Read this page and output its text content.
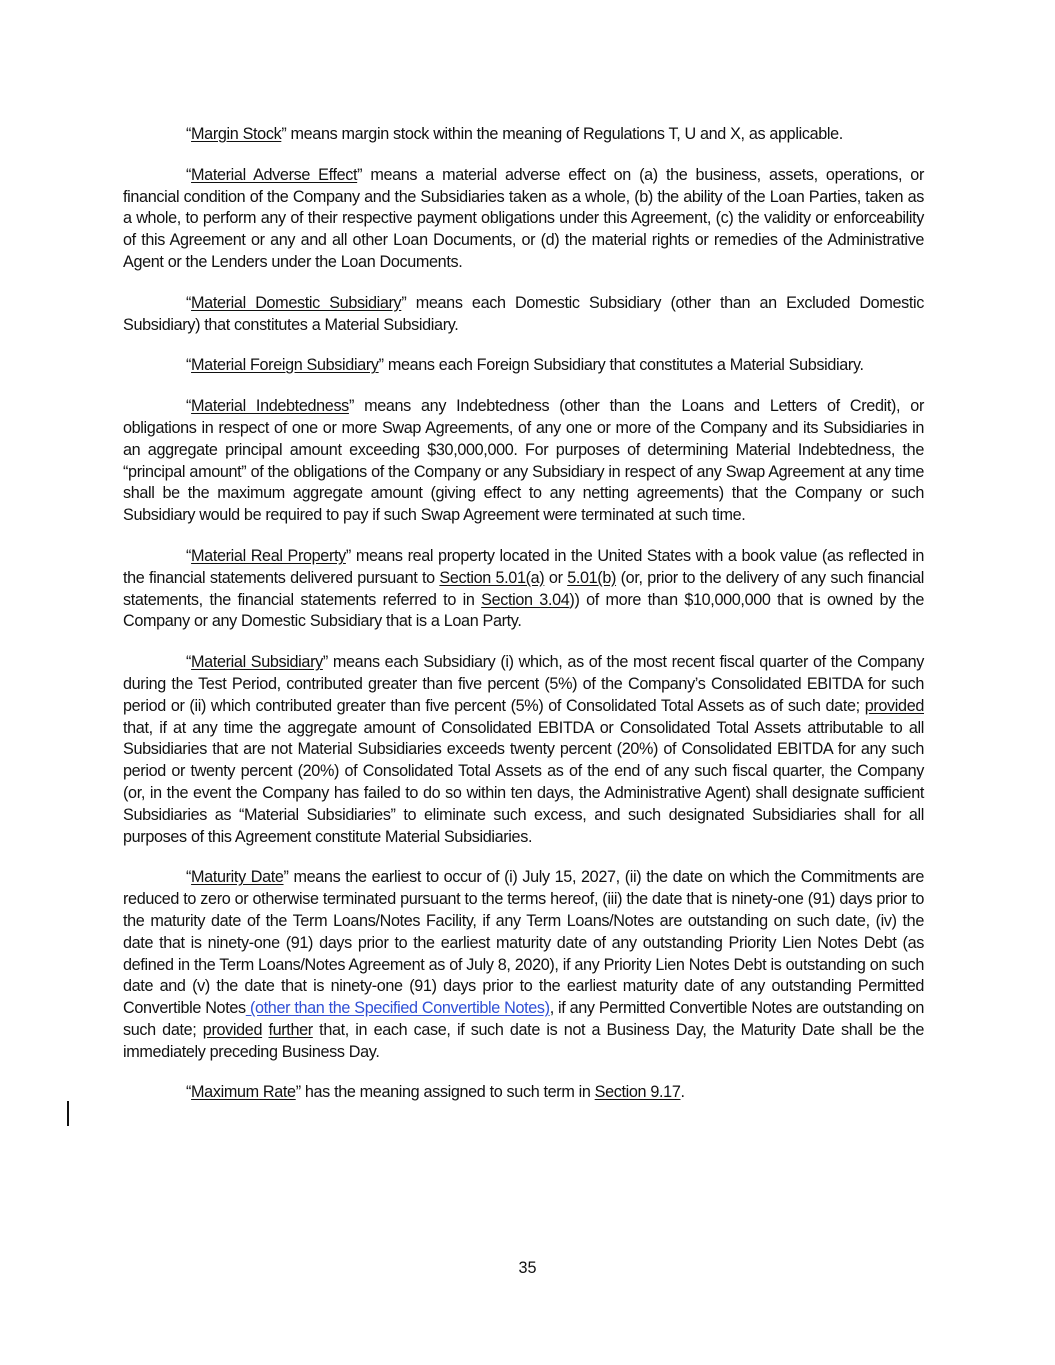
“Margin Stock” means margin stock within the meaning of Regulations T, U and X, as applicable.

“Material Adverse Effect” means a material adverse effect on (a) the business, assets, operations, or financial condition of the Company and the Subsidiaries taken as a whole, (b) the ability of the Loan Parties, taken as a whole, to perform any of their respective payment obligations under this Agreement, (c) the validity or enforceability of this Agreement or any and all other Loan Documents, or (d) the material rights or remedies of the Administrative Agent or the Lenders under the Loan Documents.

“Material Domestic Subsidiary” means each Domestic Subsidiary (other than an Excluded Domestic Subsidiary) that constitutes a Material Subsidiary.

“Material Foreign Subsidiary” means each Foreign Subsidiary that constitutes a Material Subsidiary.

“Material Indebtedness” means any Indebtedness (other than the Loans and Letters of Credit), or obligations in respect of one or more Swap Agreements, of any one or more of the Company and its Subsidiaries in an aggregate principal amount exceeding $30,000,000. For purposes of determining Material Indebtedness, the “principal amount” of the obligations of the Company or any Subsidiary in respect of any Swap Agreement at any time shall be the maximum aggregate amount (giving effect to any netting agreements) that the Company or such Subsidiary would be required to pay if such Swap Agreement were terminated at such time.

“Material Real Property” means real property located in the United States with a book value (as reflected in the financial statements delivered pursuant to Section 5.01(a) or 5.01(b) (or, prior to the delivery of any such financial statements, the financial statements referred to in Section 3.04)) of more than $10,000,000 that is owned by the Company or any Domestic Subsidiary that is a Loan Party.

“Material Subsidiary” means each Subsidiary (i) which, as of the most recent fiscal quarter of the Company during the Test Period, contributed greater than five percent (5%) of the Company’s Consolidated EBITDA for such period or (ii) which contributed greater than five percent (5%) of Consolidated Total Assets as of such date; provided that, if at any time the aggregate amount of Consolidated EBITDA or Consolidated Total Assets attributable to all Subsidiaries that are not Material Subsidiaries exceeds twenty percent (20%) of Consolidated EBITDA for any such period or twenty percent (20%) of Consolidated Total Assets as of the end of any such fiscal quarter, the Company (or, in the event the Company has failed to do so within ten days, the Administrative Agent) shall designate sufficient Subsidiaries as “Material Subsidiaries” to eliminate such excess, and such designated Subsidiaries shall for all purposes of this Agreement constitute Material Subsidiaries.

“Maturity Date” means the earliest to occur of (i) July 15, 2027, (ii) the date on which the Commitments are reduced to zero or otherwise terminated pursuant to the terms hereof, (iii) the date that is ninety-one (91) days prior to the maturity date of the Term Loans/Notes Facility, if any Term Loans/Notes are outstanding on such date, (iv) the date that is ninety-one (91) days prior to the earliest maturity date of any outstanding Priority Lien Notes Debt (as defined in the Term Loans/Notes Agreement as of July 8, 2020), if any Priority Lien Notes Debt is outstanding on such date and (v) the date that is ninety-one (91) days prior to the earliest maturity date of any outstanding Permitted Convertible Notes (other than the Specified Convertible Notes), if any Permitted Convertible Notes are outstanding on such date; provided further that, in each case, if such date is not a Business Day, the Maturity Date shall be the immediately preceding Business Day.

“Maximum Rate” has the meaning assigned to such term in Section 9.17.

35
